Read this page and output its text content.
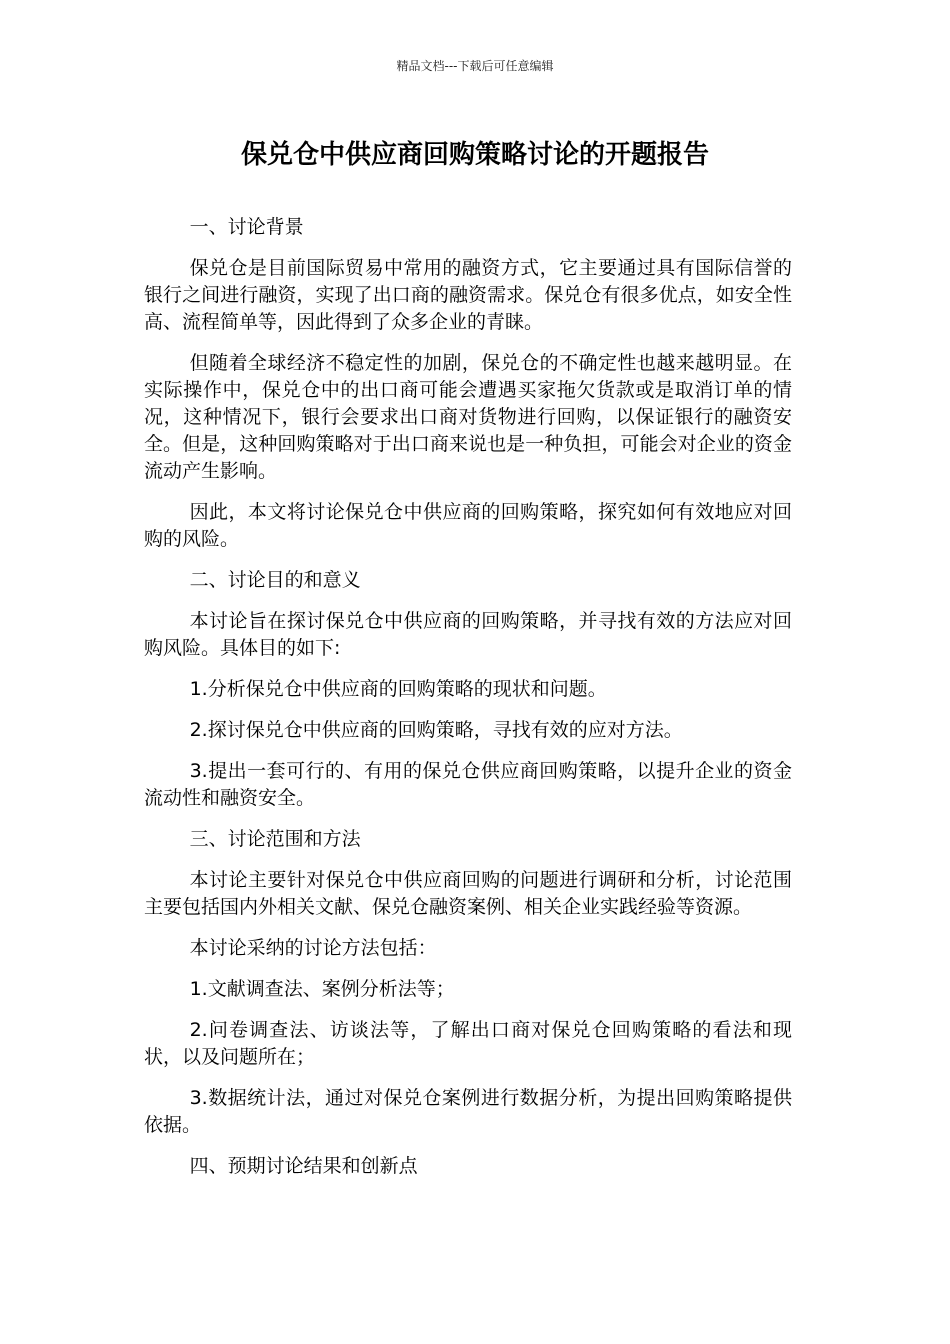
精品文档---下载后可任意编辑
保兑仓中供应商回购策略讨论的开题报告

一、讨论背景

保兑仓是目前国际贸易中常用的融资方式，它主要通过具有国际信誉的银行之间进行融资，实现了出口商的融资需求。保兑仓有很多优点，如安全性高、流程简单等，因此得到了众多企业的青睐。

但随着全球经济不稳定性的加剧，保兑仓的不确定性也越来越明显。在实际操作中，保兑仓中的出口商可能会遭遇买家拖欠货款或是取消订单的情况，这种情况下，银行会要求出口商对货物进行回购，以保证银行的融资安全。但是，这种回购策略对于出口商来说也是一种负担，可能会对企业的资金流动产生影响。

因此，本文将讨论保兑仓中供应商的回购策略，探究如何有效地应对回购的风险。

二、讨论目的和意义

本讨论旨在探讨保兑仓中供应商的回购策略，并寻找有效的方法应对回购风险。具体目的如下:

1.分析保兑仓中供应商的回购策略的现状和问题。

2.探讨保兑仓中供应商的回购策略，寻找有效的应对方法。

3.提出一套可行的、有用的保兑仓供应商回购策略，以提升企业的资金流动性和融资安全。

三、讨论范围和方法

本讨论主要针对保兑仓中供应商回购的问题进行调研和分析，讨论范围主要包括国内外相关文献、保兑仓融资案例、相关企业实践经验等资源。

本讨论采纳的讨论方法包括：

1.文献调查法、案例分析法等；

2.问卷调查法、访谈法等，了解出口商对保兑仓回购策略的看法和现状，以及问题所在；

3.数据统计法，通过对保兑仓案例进行数据分析，为提出回购策略提供依据。

四、预期讨论结果和创新点
